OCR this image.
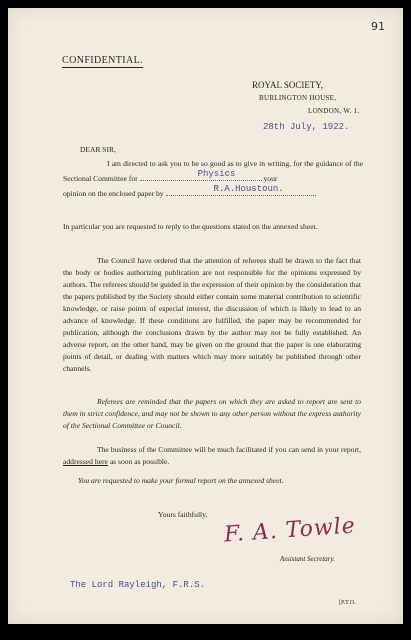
91
CONFIDENTIAL.
ROYAL SOCIETY,
BURLINGTON HOUSE,
LONDON, W. 1.
28th July, 1922.
DEAR SIR,

I am directed to ask you to be so good as to give in writing, for the guidance of the Sectional Committee for	Physics	your
opinion on the enclosed paper by	R.A.Houstoun.

In particular you are requested to reply to the questions stated on the annexed sheet.

The Council have ordered that the attention of referees shall be drawn to the fact that the body or bodies authorizing publication are not responsible for the opinions expressed by authors. The referees should be guided in the expression of their opinion by the consideration that the papers published by the Society should either contain some material contribution to scientific knowledge, or raise points of especial interest, the discussion of which is likely to lead to an advance of knowledge. If these conditions are fulfilled, the paper may be recommended for publication, although the conclusions drawn by the author may not be fully established. An adverse report, on the other hand, may be given on the ground that the paper is one elaborating points of detail, or dealing with matters which may more suitably be published through other channels.

Referees are reminded that the papers on which they are asked to report are sent to them in strict confidence, and may not be shown to any other person without the express authority of the Sectional Committee or Council.

The business of the Committee will be much facilitated if you can send in your report, addressed here as soon as possible.

You are requested to make your formal report on the annexed sheet.

Yours faithfully, F. A. Towle
Assistant Secretary.
The Lord Rayleigh, F.R.S.
[P.T.O.
